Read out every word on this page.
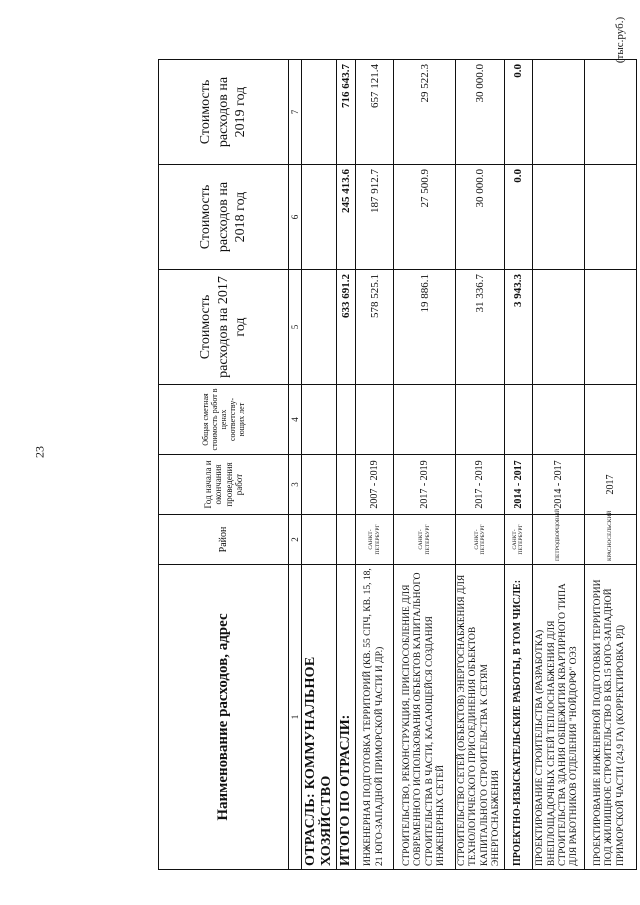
23
(тыс.руб.)
Наименование расходов, адрес	Район	Год начала и окончания проведения работ	Общая сметная стоимость работ в ценах соответству-ющих лет	Стоимость расходов на 2017 год	Стоимость расходов на 2018 год	Стоимость расходов на 2019 год
1	2	3	4	5	6	7
ОТРАСЛЬ: КОММУНАЛЬНОЕ ХОЗЯЙСТВО						
ИТОГО ПО ОТРАСЛИ:				633 691.2	245 413.6	716 643.7
ИНЖЕНЕРНАЯ ПОДГОТОВКА ТЕРРИТОРИЙ (КВ. 55 СПЧ, КВ. 15, 18, 21 ЮГО-ЗАПАДНОЙ ПРИМОРСКОЙ ЧАСТИ И ДР.)	САНКТ-ПЕТЕРБУРГ	2007 - 2019		578 525.1	187 912.7	657 121.4
СТРОИТЕЛЬСТВО, РЕКОНСТРУКЦИЯ, ПРИСПОСОБЛЕНИЕ ДЛЯ СОВРЕМЕННОГО ИСПОЛЬЗОВАНИЯ ОБЪЕКТОВ КАПИТАЛЬНОГО СТРОИТЕЛЬСТВА В ЧАСТИ, КАСАЮЩЕЙСЯ СОЗДАНИЯ ИНЖЕНЕРНЫХ СЕТЕЙ	САНКТ-ПЕТЕРБУРГ	2017 - 2019		19 886.1	27 500.9	29 522.3
СТРОИТЕЛЬСТВО СЕТЕЙ (ОБЪЕКТОВ) ЭНЕРГОСНАБЖЕНИЯ ДЛЯ ТЕХНОЛОГИЧЕСКОГО ПРИСОЕДИНЕНИЯ ОБЪЕКТОВ КАПИТАЛЬНОГО СТРОИТЕЛЬСТВА К СЕТЯМ ЭНЕРГОСНАБЖЕНИЯ	САНКТ-ПЕТЕРБУРГ	2017 - 2019		31 336.7	30 000.0	30 000.0
ПРОЕКТНО-ИЗЫСКАТЕЛЬСКИЕ РАБОТЫ, В ТОМ ЧИСЛЕ:	САНКТ-ПЕТЕРБУРГ	2014 - 2017		3 943.3	0.0	0.0
ПРОЕКТИРОВАНИЕ СТРОИТЕЛЬСТВА (РАЗРАБОТКА) ВНЕПЛОЩАДОЧНЫХ СЕТЕЙ ТЕПЛОСНАБЖЕНИЯ ДЛЯ СТРОИТЕЛЬСТВА ЗДАНИЯ ОБЩЕЖИТИЯ КВАРТИРНОГО ТИПА ДЛЯ РАБОТНИКОВ ОТДЕЛЕНИЯ "НОЙДОРФ" ОЭЗ	ПЕТРОДВОРЦОВЫЙ	2014 - 2017				
ПРОЕКТИРОВАНИЕ ИНЖЕНЕРНОЙ ПОДГОТОВКИ ТЕРРИТОРИИ ПОД ЖИЛИЩНОЕ СТРОИТЕЛЬСТВО В КВ.15 ЮГО-ЗАПАДНОЙ ПРИМОРСКОЙ ЧАСТИ (24,9 ГА) (КОРРЕКТИРОВКА РД)	КРАСНОСЕЛЬСКИЙ	2017				
